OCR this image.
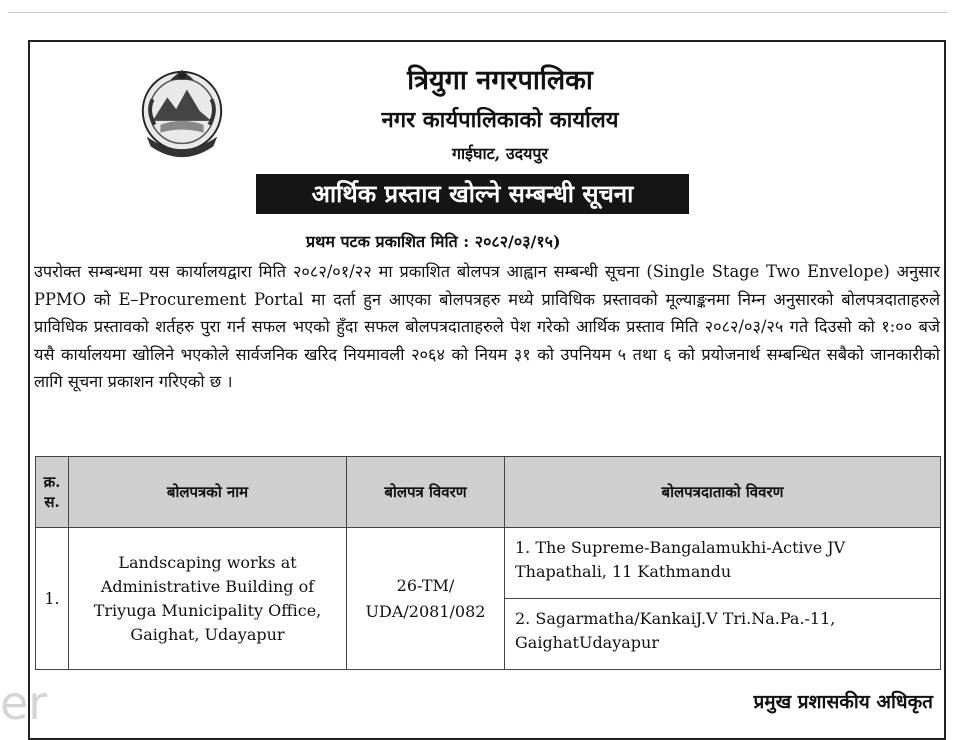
त्रियुगा नगरपालिका
नगर कार्यपालिकाको कार्यालय
गाईघाट, उदयपुर
आर्थिक प्रस्ताव खोल्ने सम्बन्धी सूचना
प्रथम पटक प्रकाशित मिति : २०८२/०३/१५)
उपरोक्त सम्बन्धमा यस कार्यालयद्वारा मिति २०८२/०१/२२ मा प्रकाशित बोलपत्र आह्वान सम्बन्धी सूचना (Single Stage Two Envelope) अनुसार PPMO को E–Procurement Portal मा दर्ता हुन आएका बोलपत्रहरु मध्ये प्राविधिक प्रस्तावको मूल्याङ्कनमा निम्न अनुसारको बोलपत्रदाताहरुले प्राविधिक प्रस्तावको शर्तहरु पुरा गर्न सफल भएको हुँदा सफल बोलपत्रदाताहरुले पेश गरेको आर्थिक प्रस्ताव मिति २०८२/०३/२५ गते दिउसो को १:०० बजे यसै कार्यालयमा खोलिने भएकोले सार्वजनिक खरिद नियमावली २०६४ को नियम ३१ को उपनियम ५ तथा ६ को प्रयोजनार्थ सम्बन्धित सबैको जानकारीको लागि सूचना प्रकाशन गरिएको छ ।
क्र. स.	बोलपत्रको नाम	बोलपत्र विवरण	बोलपत्रदाताको विवरण
1.	Landscaping works at Administrative Building of Triyuga Municipality Office, Gaighat, Udayapur	26-TM/ UDA/2081/082	1. The Supreme-Bangalamukhi-Active JV Thapathali, 11 Kathmandu
			2. Sagarmatha/KankaiJ.V Tri.Na.Pa.-11, GaighatUdayapur
प्रमुख प्रशासकीय अधिकृत
er
